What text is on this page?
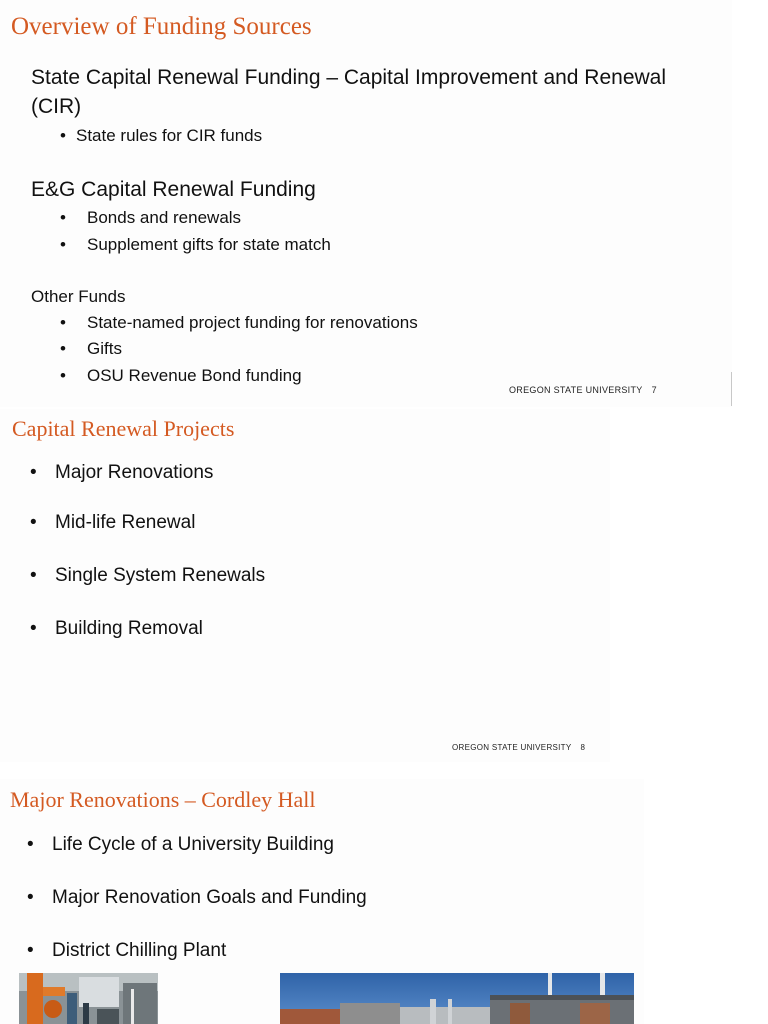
Overview of Funding Sources

State Capital Renewal Funding – Capital Improvement and Renewal

(CIR)

• State rules for CIR funds

E&G Capital Renewal Funding

• Bonds and renewals
• Supplement gifts for state match

Other Funds

• State-named project funding for renovations
• Gifts
• OSU Revenue Bond funding
OREGON STATE UNIVERSITY 7
Capital Renewal Projects
• Major Renovations
• Mid-life Renewal
• Single System Renewals
• Building Removal
OREGON STATE UNIVERSITY 8
Major Renovations – Cordley Hall
• Life Cycle of a University Building
• Major Renovation Goals and Funding
• District Chilling Plant
